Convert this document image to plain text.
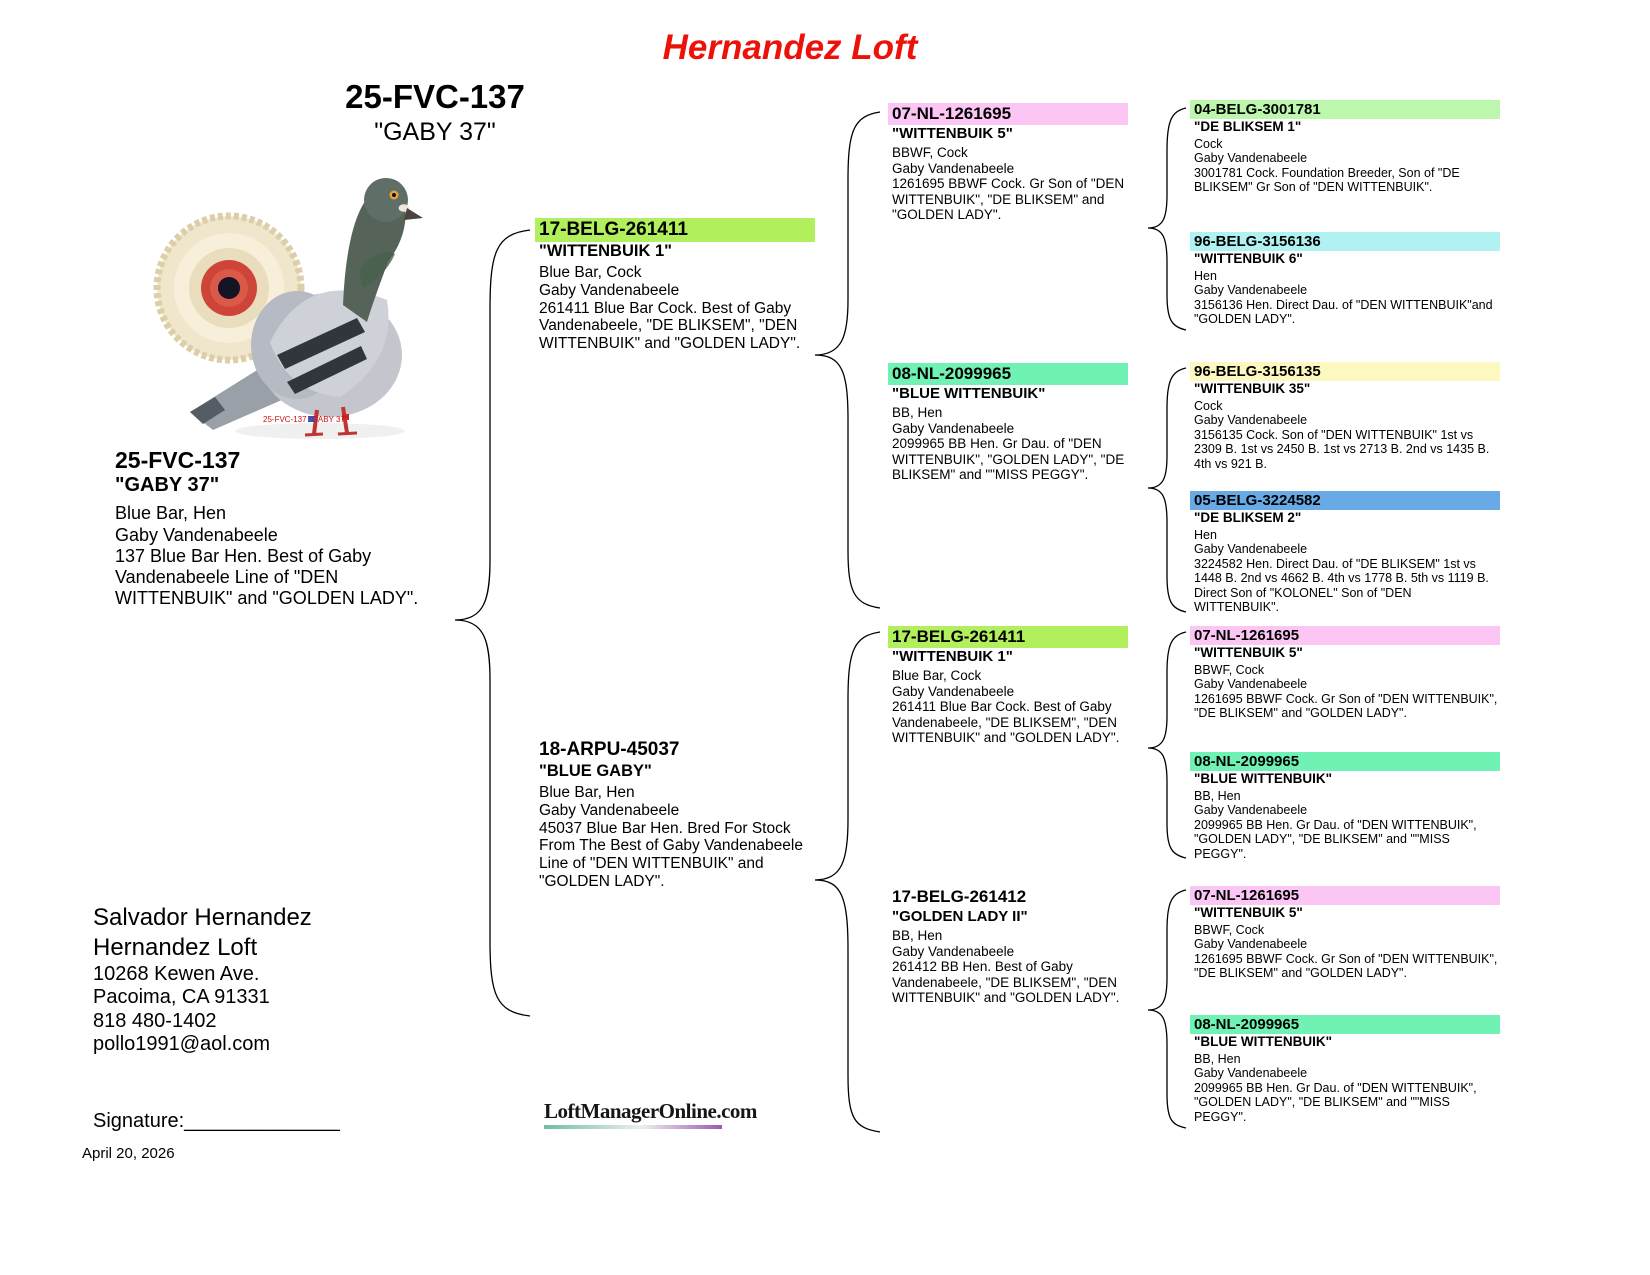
Hernandez Loft
25-FVC-137
"GABY 37"
25-FVC-137 "GABY 37"
25-FVC-137
"GABY 37"
Blue Bar, Hen
Gaby Vandenabeele
137 Blue Bar Hen. Best of Gaby Vandenabeele Line of "DEN WITTENBUIK" and "GOLDEN LADY".
Salvador Hernandez
Hernandez Loft
10268 Kewen Ave.
Pacoima, CA 91331
818 480-1402
pollo1991@aol.com
Signature:______________
April 20, 2026
17-BELG-261411
"WITTENBUIK 1"
Blue Bar, Cock
Gaby Vandenabeele
261411 Blue Bar Cock. Best of Gaby Vandenabeele, "DE BLIKSEM", "DEN WITTENBUIK" and "GOLDEN LADY".
18-ARPU-45037
"BLUE GABY"
Blue Bar, Hen
Gaby Vandenabeele
45037 Blue Bar Hen. Bred For Stock From The Best of Gaby Vandenabeele Line of "DEN WITTENBUIK" and "GOLDEN LADY".
07-NL-1261695
"WITTENBUIK 5"
BBWF, Cock
Gaby Vandenabeele
1261695 BBWF Cock. Gr Son of "DEN WITTENBUIK", "DE BLIKSEM" and "GOLDEN LADY".
08-NL-2099965
"BLUE WITTENBUIK"
BB, Hen
Gaby Vandenabeele
2099965 BB Hen. Gr Dau. of "DEN WITTENBUIK", "GOLDEN LADY", "DE BLIKSEM" and ""MISS PEGGY".
17-BELG-261411
"WITTENBUIK 1"
Blue Bar, Cock
Gaby Vandenabeele
261411 Blue Bar Cock. Best of Gaby Vandenabeele, "DE BLIKSEM", "DEN WITTENBUIK" and "GOLDEN LADY".
17-BELG-261412
"GOLDEN LADY II"
BB, Hen
Gaby Vandenabeele
261412 BB Hen. Best of Gaby Vandenabeele, "DE BLIKSEM", "DEN WITTENBUIK" and "GOLDEN LADY".
04-BELG-3001781
"DE BLIKSEM 1"
Cock
Gaby Vandenabeele
3001781 Cock. Foundation Breeder, Son of "DE BLIKSEM" Gr Son of "DEN WITTENBUIK".
96-BELG-3156136
"WITTENBUIK 6"
Hen
Gaby Vandenabeele
3156136 Hen. Direct Dau. of "DEN WITTENBUIK"and "GOLDEN LADY".
96-BELG-3156135
"WITTENBUIK 35"
Cock
Gaby Vandenabeele
3156135 Cock. Son of "DEN WITTENBUIK" 1st vs 2309 B. 1st vs 2450 B. 1st vs 2713 B. 2nd vs 1435 B. 4th vs 921 B.
05-BELG-3224582
"DE BLIKSEM 2"
Hen
Gaby Vandenabeele
3224582 Hen. Direct Dau. of "DE BLIKSEM" 1st vs 1448 B. 2nd vs 4662 B. 4th vs 1778 B. 5th vs 1119 B. Direct Son of "KOLONEL" Son of "DEN WITTENBUIK".
07-NL-1261695
"WITTENBUIK 5"
BBWF, Cock
Gaby Vandenabeele
1261695 BBWF Cock. Gr Son of "DEN WITTENBUIK", "DE BLIKSEM" and "GOLDEN LADY".
08-NL-2099965
"BLUE WITTENBUIK"
BB, Hen
Gaby Vandenabeele
2099965 BB Hen. Gr Dau. of "DEN WITTENBUIK", "GOLDEN LADY", "DE BLIKSEM" and ""MISS PEGGY".
07-NL-1261695
"WITTENBUIK 5"
BBWF, Cock
Gaby Vandenabeele
1261695 BBWF Cock. Gr Son of "DEN WITTENBUIK", "DE BLIKSEM" and "GOLDEN LADY".
08-NL-2099965
"BLUE WITTENBUIK"
BB, Hen
Gaby Vandenabeele
2099965 BB Hen. Gr Dau. of "DEN WITTENBUIK", "GOLDEN LADY", "DE BLIKSEM" and ""MISS PEGGY".
LoftManagerOnline.com
